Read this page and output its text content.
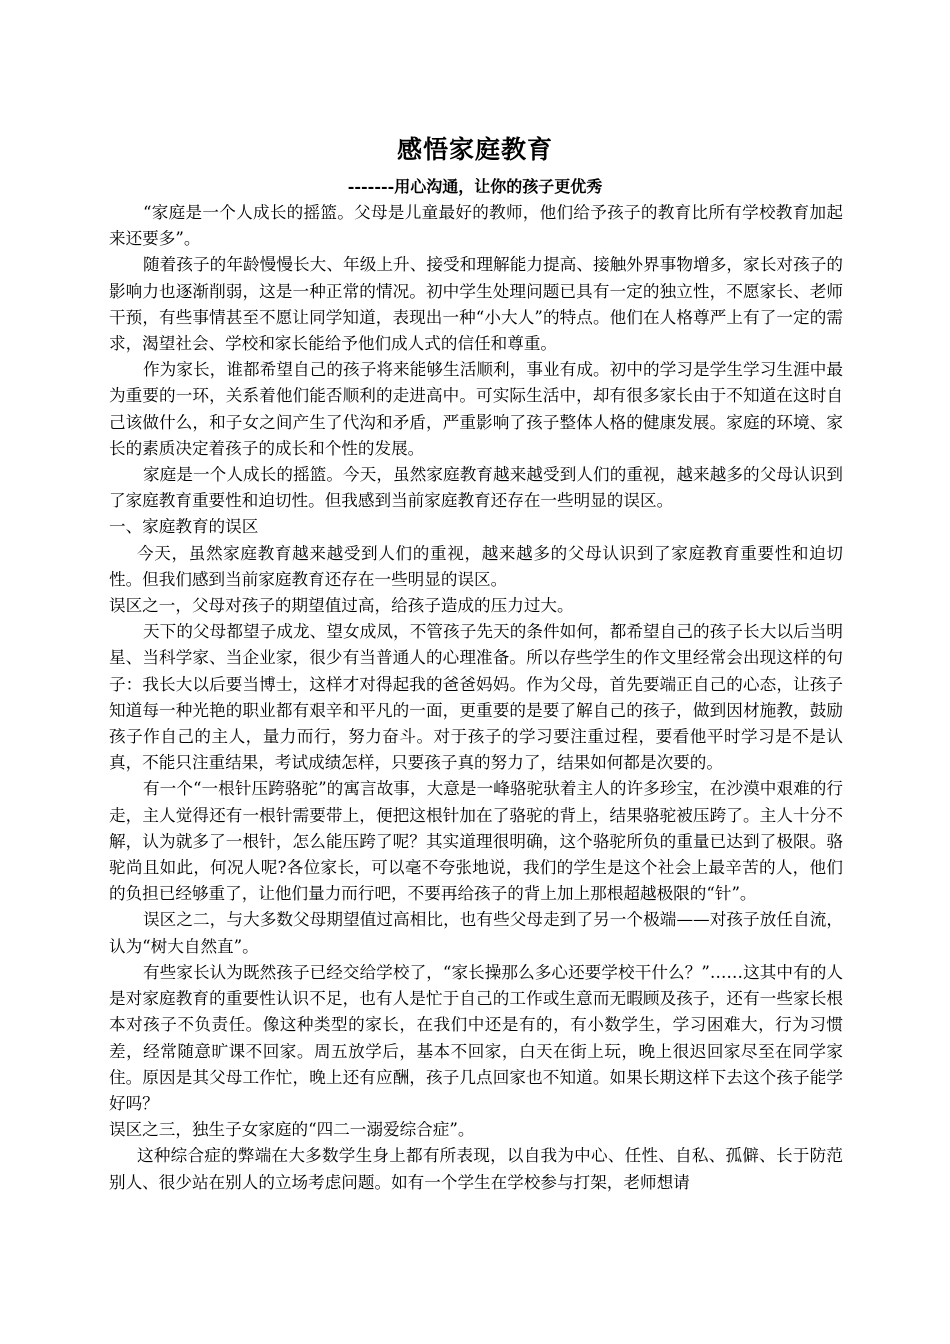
感悟家庭教育
-------用心沟通，让你的孩子更优秀

“家庭是一个人成长的摇篮。父母是儿童最好的教师，他们给予孩子的教育比所有学校教育加起来还要多”。

随着孩子的年龄慢慢长大、年级上升、接受和理解能力提高、接触外界事物增多，家长对孩子的影响力也逐渐削弱，这是一种正常的情况。初中学生处理问题已具有一定的独立性，不愿家长、老师干预，有些事情甚至不愿让同学知道，表现出一种“小大人”的特点。他们在人格尊严上有了一定的需求，渴望社会、学校和家长能给予他们成人式的信任和尊重。

作为家长，谁都希望自己的孩子将来能够生活顺利，事业有成。初中的学习是学生学习生涯中最为重要的一环，关系着他们能否顺利的走进高中。可实际生活中，却有很多家长由于不知道在这时自己该做什么，和子女之间产生了代沟和矛盾，严重影响了孩子整体人格的健康发展。家庭的环境、家长的素质决定着孩子的成长和个性的发展。

家庭是一个人成长的摇篮。今天，虽然家庭教育越来越受到人们的重视，越来越多的父母认识到了家庭教育重要性和迫切性。但我感到当前家庭教育还存在一些明显的误区。

一、家庭教育的误区

今天，虽然家庭教育越来越受到人们的重视，越来越多的父母认识到了家庭教育重要性和迫切性。但我们感到当前家庭教育还存在一些明显的误区。

误区之一，父母对孩子的期望值过高，给孩子造成的压力过大。

天下的父母都望子成龙、望女成凤，不管孩子先天的条件如何，都希望自己的孩子长大以后当明星、当科学家、当企业家，很少有当普通人的心理准备。所以存些学生的作文里经常会出现这样的句子：我长大以后要当博士，这样才对得起我的爸爸妈妈。作为父母，首先要端正自己的心态，让孩子知道每一种光艳的职业都有艰辛和平凡的一面，更重要的是要了解自己的孩子，做到因材施教，鼓励孩子作自己的主人，量力而行，努力奋斗。对于孩子的学习要注重过程，要看他平时学习是不是认真，不能只注重结果，考试成绩怎样，只要孩子真的努力了，结果如何都是次要的。

有一个“一根针压跨骆驼”的寓言故事，大意是一峰骆驼驮着主人的许多珍宝，在沙漠中艰难的行走，主人觉得还有一根针需要带上，便把这根针加在了骆驼的背上，结果骆驼被压跨了。主人十分不解，认为就多了一根针，怎么能压跨了呢？其实道理很明确，这个骆驼所负的重量已达到了极限。骆驼尚且如此，何况人呢?各位家长，可以毫不夸张地说，我们的学生是这个社会上最辛苦的人，他们的负担已经够重了，让他们量力而行吧，不要再给孩子的背上加上那根超越极限的“针”。

误区之二，与大多数父母期望值过高相比，也有些父母走到了另一个极端——对孩子放任自流，认为“树大自然直”。

有些家长认为既然孩子已经交给学校了，“家长操那么多心还要学校干什么？”……这其中有的人是对家庭教育的重要性认识不足，也有人是忙于自己的工作或生意而无暇顾及孩子，还有一些家长根本对孩子不负责任。像这种类型的家长，在我们中还是有的，有小数学生，学习困难大，行为习惯差，经常随意旷课不回家。周五放学后，基本不回家，白天在街上玩，晚上很迟回家尽至在同学家住。原因是其父母工作忙，晚上还有应酬，孩子几点回家也不知道。如果长期这样下去这个孩子能学好吗？

误区之三，独生子女家庭的“四二一溺爱综合症”。

这种综合症的弊端在大多数学生身上都有所表现，以自我为中心、任性、自私、孤僻、长于防范别人、很少站在别人的立场考虑问题。如有一个学生在学校参与打架，老师想请
